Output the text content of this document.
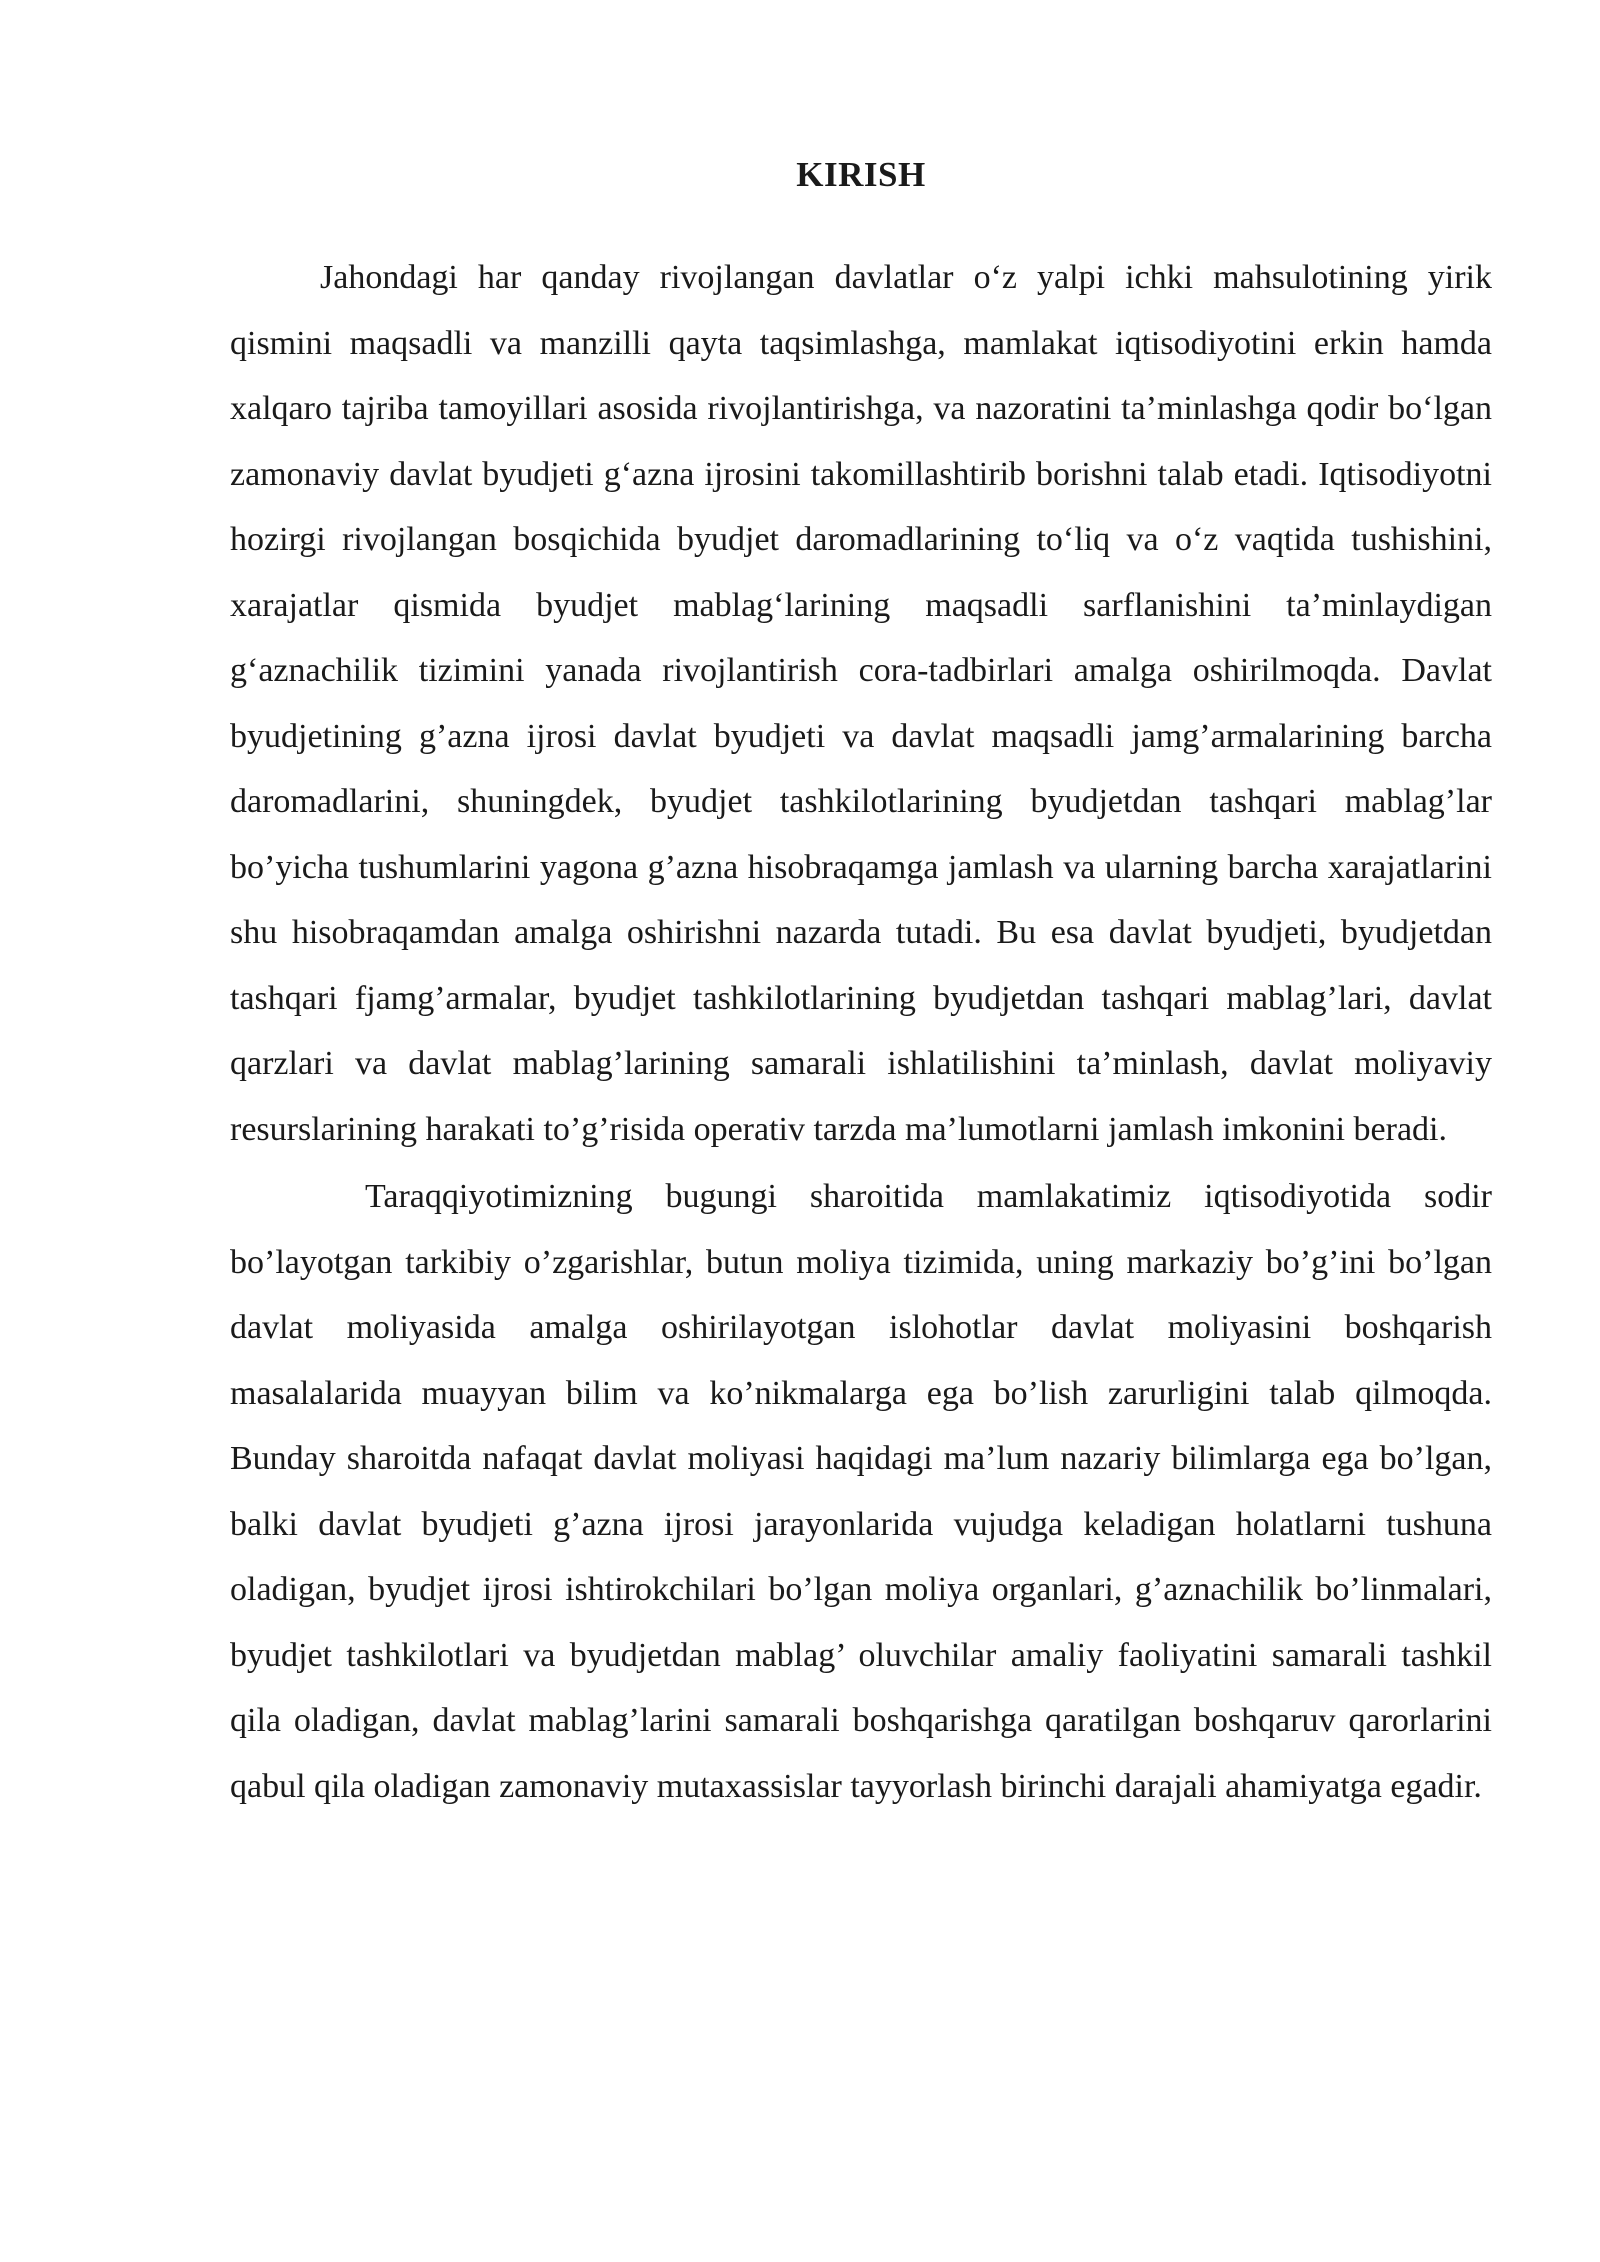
KIRISH

Jahondagi har qanday rivojlangan davlatlar o‘z yalpi ichki mahsulotining yirik qismini maqsadli va manzilli qayta taqsimlashga, mamlakat iqtisodiyotini erkin hamda xalqaro tajriba tamoyillari asosida rivojlantirishga, va nazoratini ta’minlashga qodir bo‘lgan zamonaviy davlat byudjeti g‘azna ijrosini takomillashtirib borishni talab etadi. Iqtisodiyotni hozirgi rivojlangan bosqichida byudjet daromadlarining to‘liq va o‘z vaqtida tushishini, xarajatlar qismida byudjet mablag‘larining maqsadli sarflanishini ta’minlaydigan g‘aznachilik tizimini yanada rivojlantirish cora-tadbirlari amalga oshirilmoqda. Davlat byudjetining g’azna ijrosi davlat byudjeti va davlat maqsadli jamg’armalarining barcha daromadlarini, shuningdek, byudjet tashkilotlarining byudjetdan tashqari mablag’lar bo’yicha tushumlarini yagona g’azna hisobraqamga jamlash va ularning barcha xarajatlarini shu hisobraqamdan amalga oshirishni nazarda tutadi. Bu esa davlat byudjeti, byudjetdan tashqari fjamg’armalar, byudjet tashkilotlarining byudjetdan tashqari mablag’lari, davlat qarzlari va davlat mablag’larining samarali ishlatilishini ta’minlash, davlat moliyaviy resurslarining harakati to’g’risida operativ tarzda ma’lumotlarni jamlash imkonini beradi.

Taraqqiyotimizning bugungi sharoitida mamlakatimiz iqtisodiyotida sodir bo’layotgan tarkibiy o’zgarishlar, butun moliya tizimida, uning markaziy bo’g’ini bo’lgan davlat moliyasida amalga oshirilayotgan islohotlar davlat moliyasini boshqarish masalalarida muayyan bilim va ko’nikmalarga ega bo’lish zarurligini talab qilmoqda. Bunday sharoitda nafaqat davlat moliyasi haqidagi ma’lum nazariy bilimlarga ega bo’lgan, balki davlat byudjeti g’azna ijrosi jarayonlarida vujudga keladigan holatlarni tushuna oladigan, byudjet ijrosi ishtirokchilari bo’lgan moliya organlari, g’aznachilik bo’linmalari, byudjet tashkilotlari va byudjetdan mablag’ oluvchilar amaliy faoliyatini samarali tashkil qila oladigan, davlat mablag’larini samarali boshqarishga qaratilgan boshqaruv qarorlarini qabul qila oladigan zamonaviy mutaxassislar tayyorlash birinchi darajali ahamiyatga egadir.
